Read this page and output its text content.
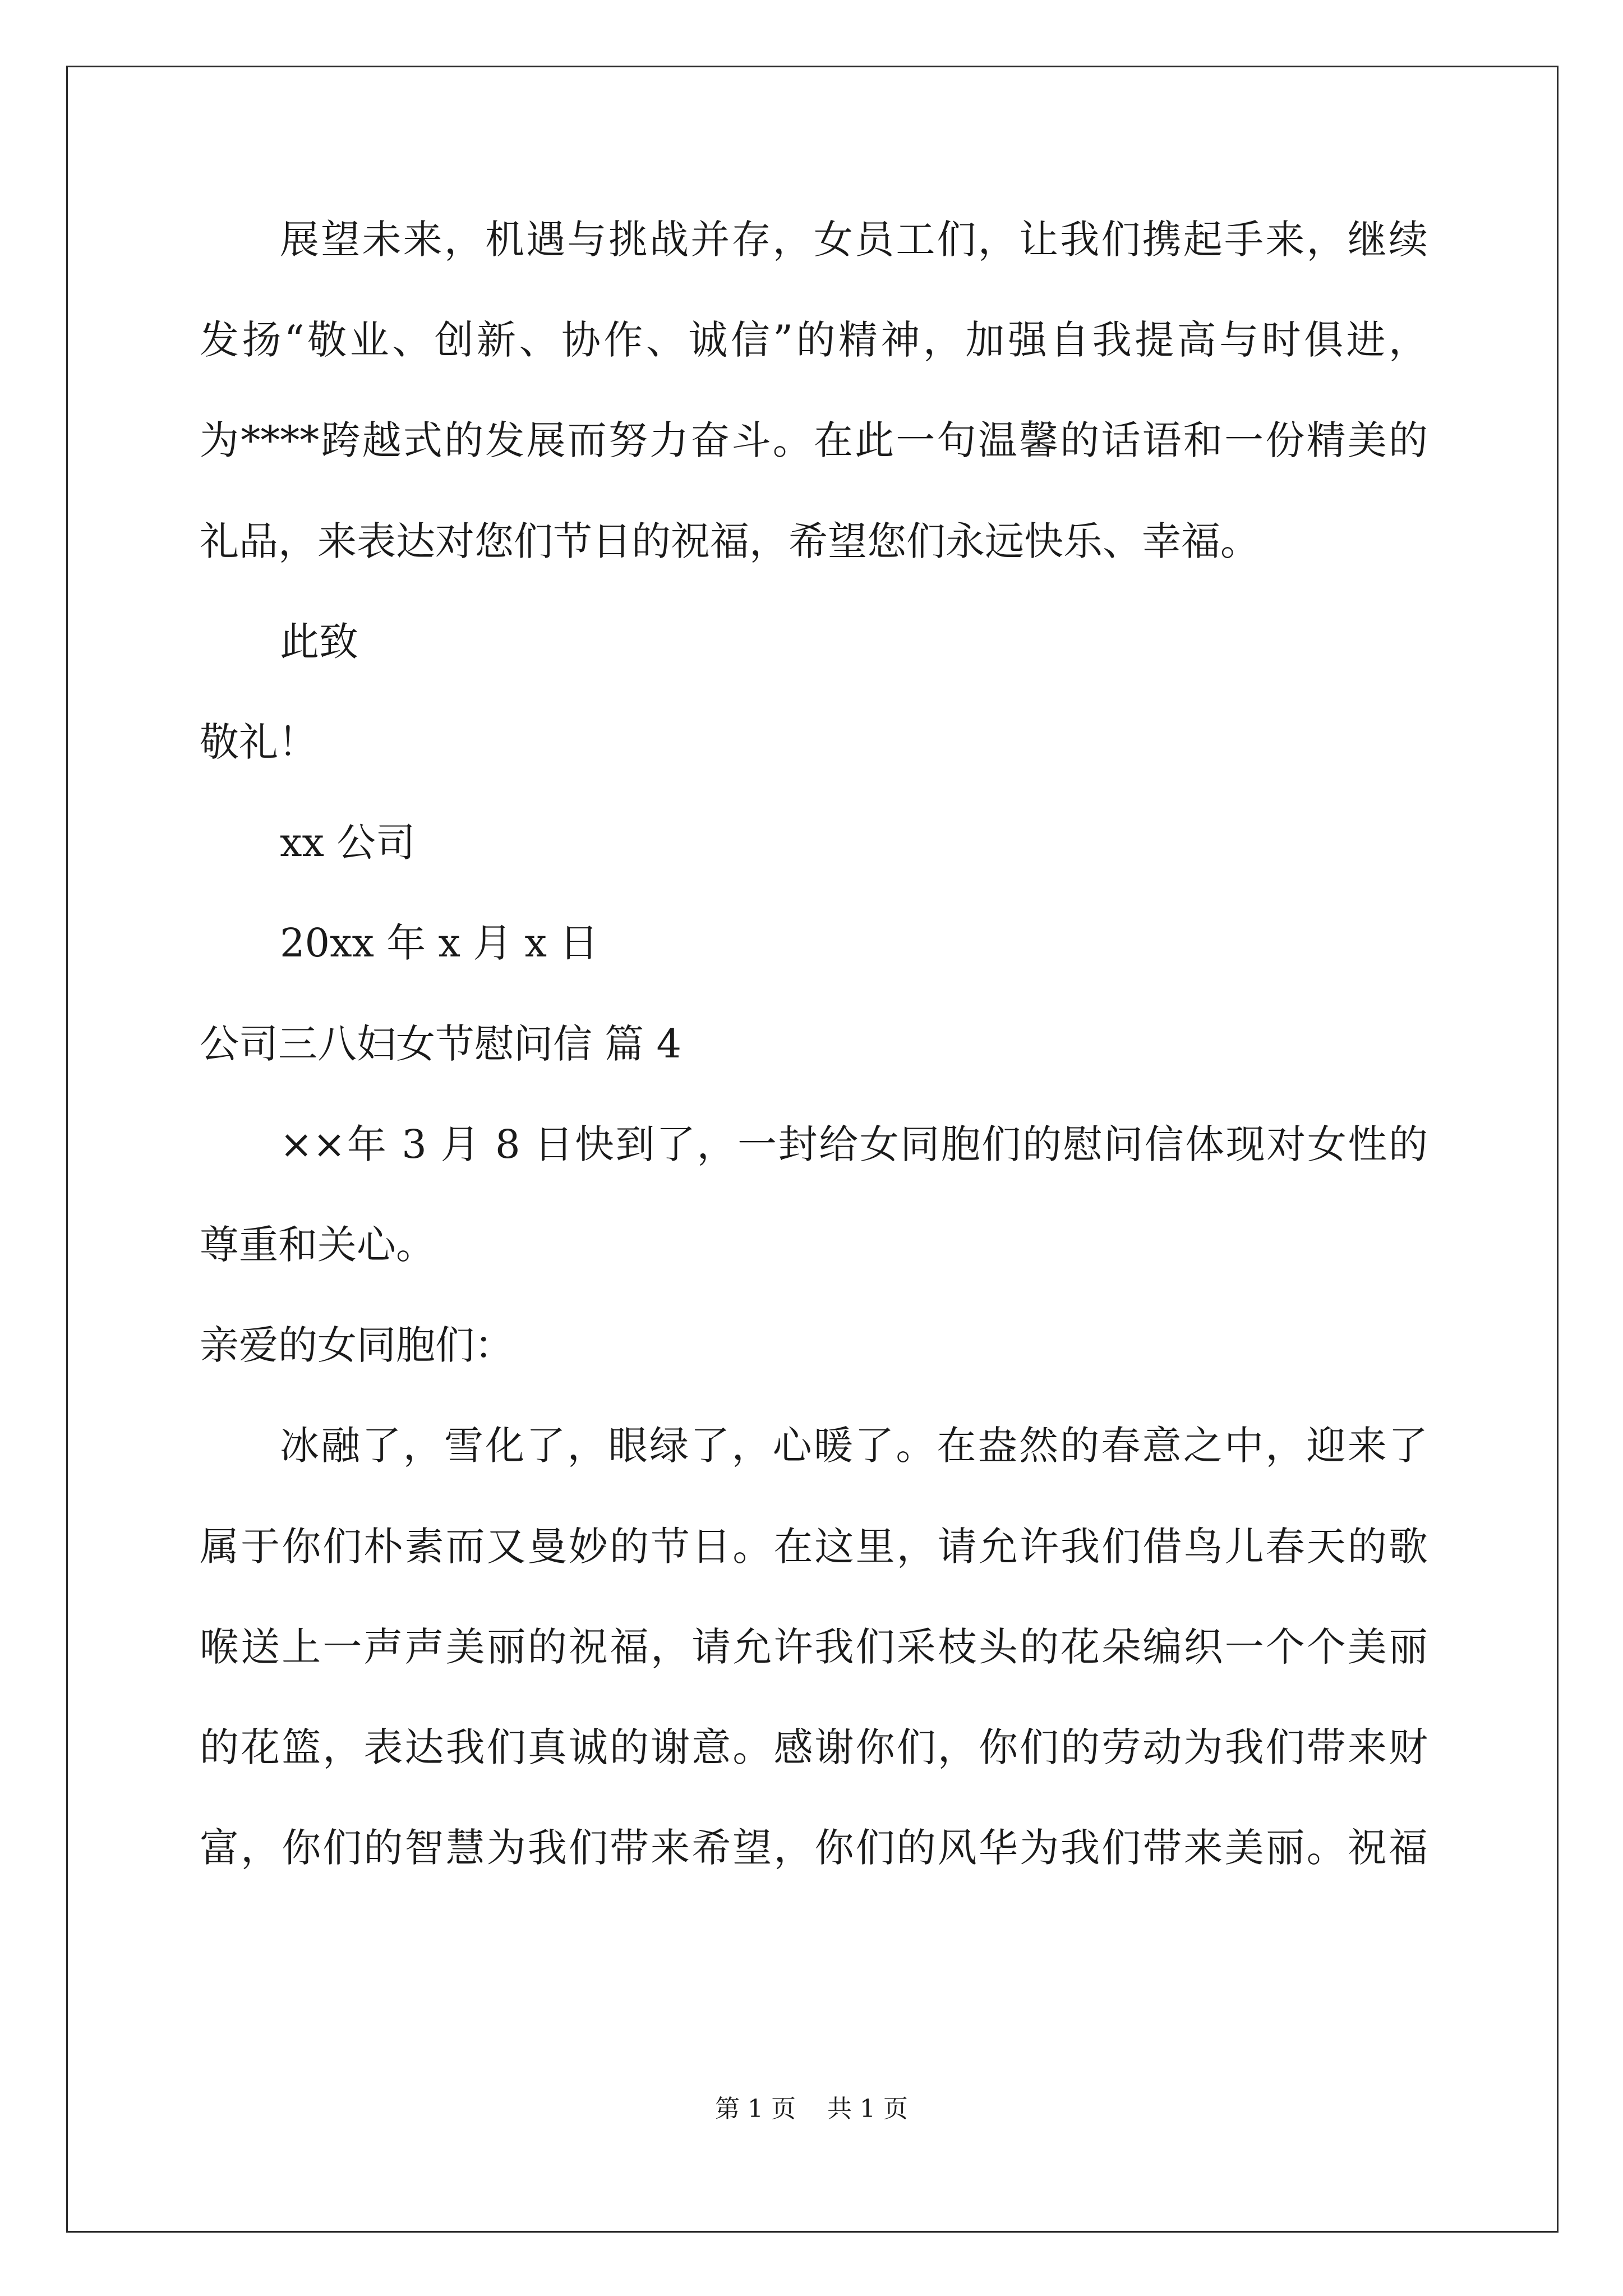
展望未来，机遇与挑战并存，女员工们，让我们携起手来，继续
发扬“敬业、创新、协作、诚信”的精神，加强自我提高与时俱进，
为****跨越式的发展而努力奋斗。在此一句温馨的话语和一份精美的
礼品，来表达对您们节日的祝福，希望您们永远快乐、幸福。
此致
敬礼！
xx 公司
20xx 年 x 月 x 日
公司三八妇女节慰问信 篇 4
××年 3 月 8 日快到了，一封给女同胞们的慰问信体现对女性的
尊重和关心。
亲爱的女同胞们：
冰融了，雪化了，眼绿了，心暖了。在盎然的春意之中，迎来了
属于你们朴素而又曼妙的节日。在这里，请允许我们借鸟儿春天的歌
喉送上一声声美丽的祝福，请允许我们采枝头的花朵编织一个个美丽
的花篮，表达我们真诚的谢意。感谢你们，你们的劳动为我们带来财
富，你们的智慧为我们带来希望，你们的风华为我们带来美丽。祝福
第 1 页    共 1 页
